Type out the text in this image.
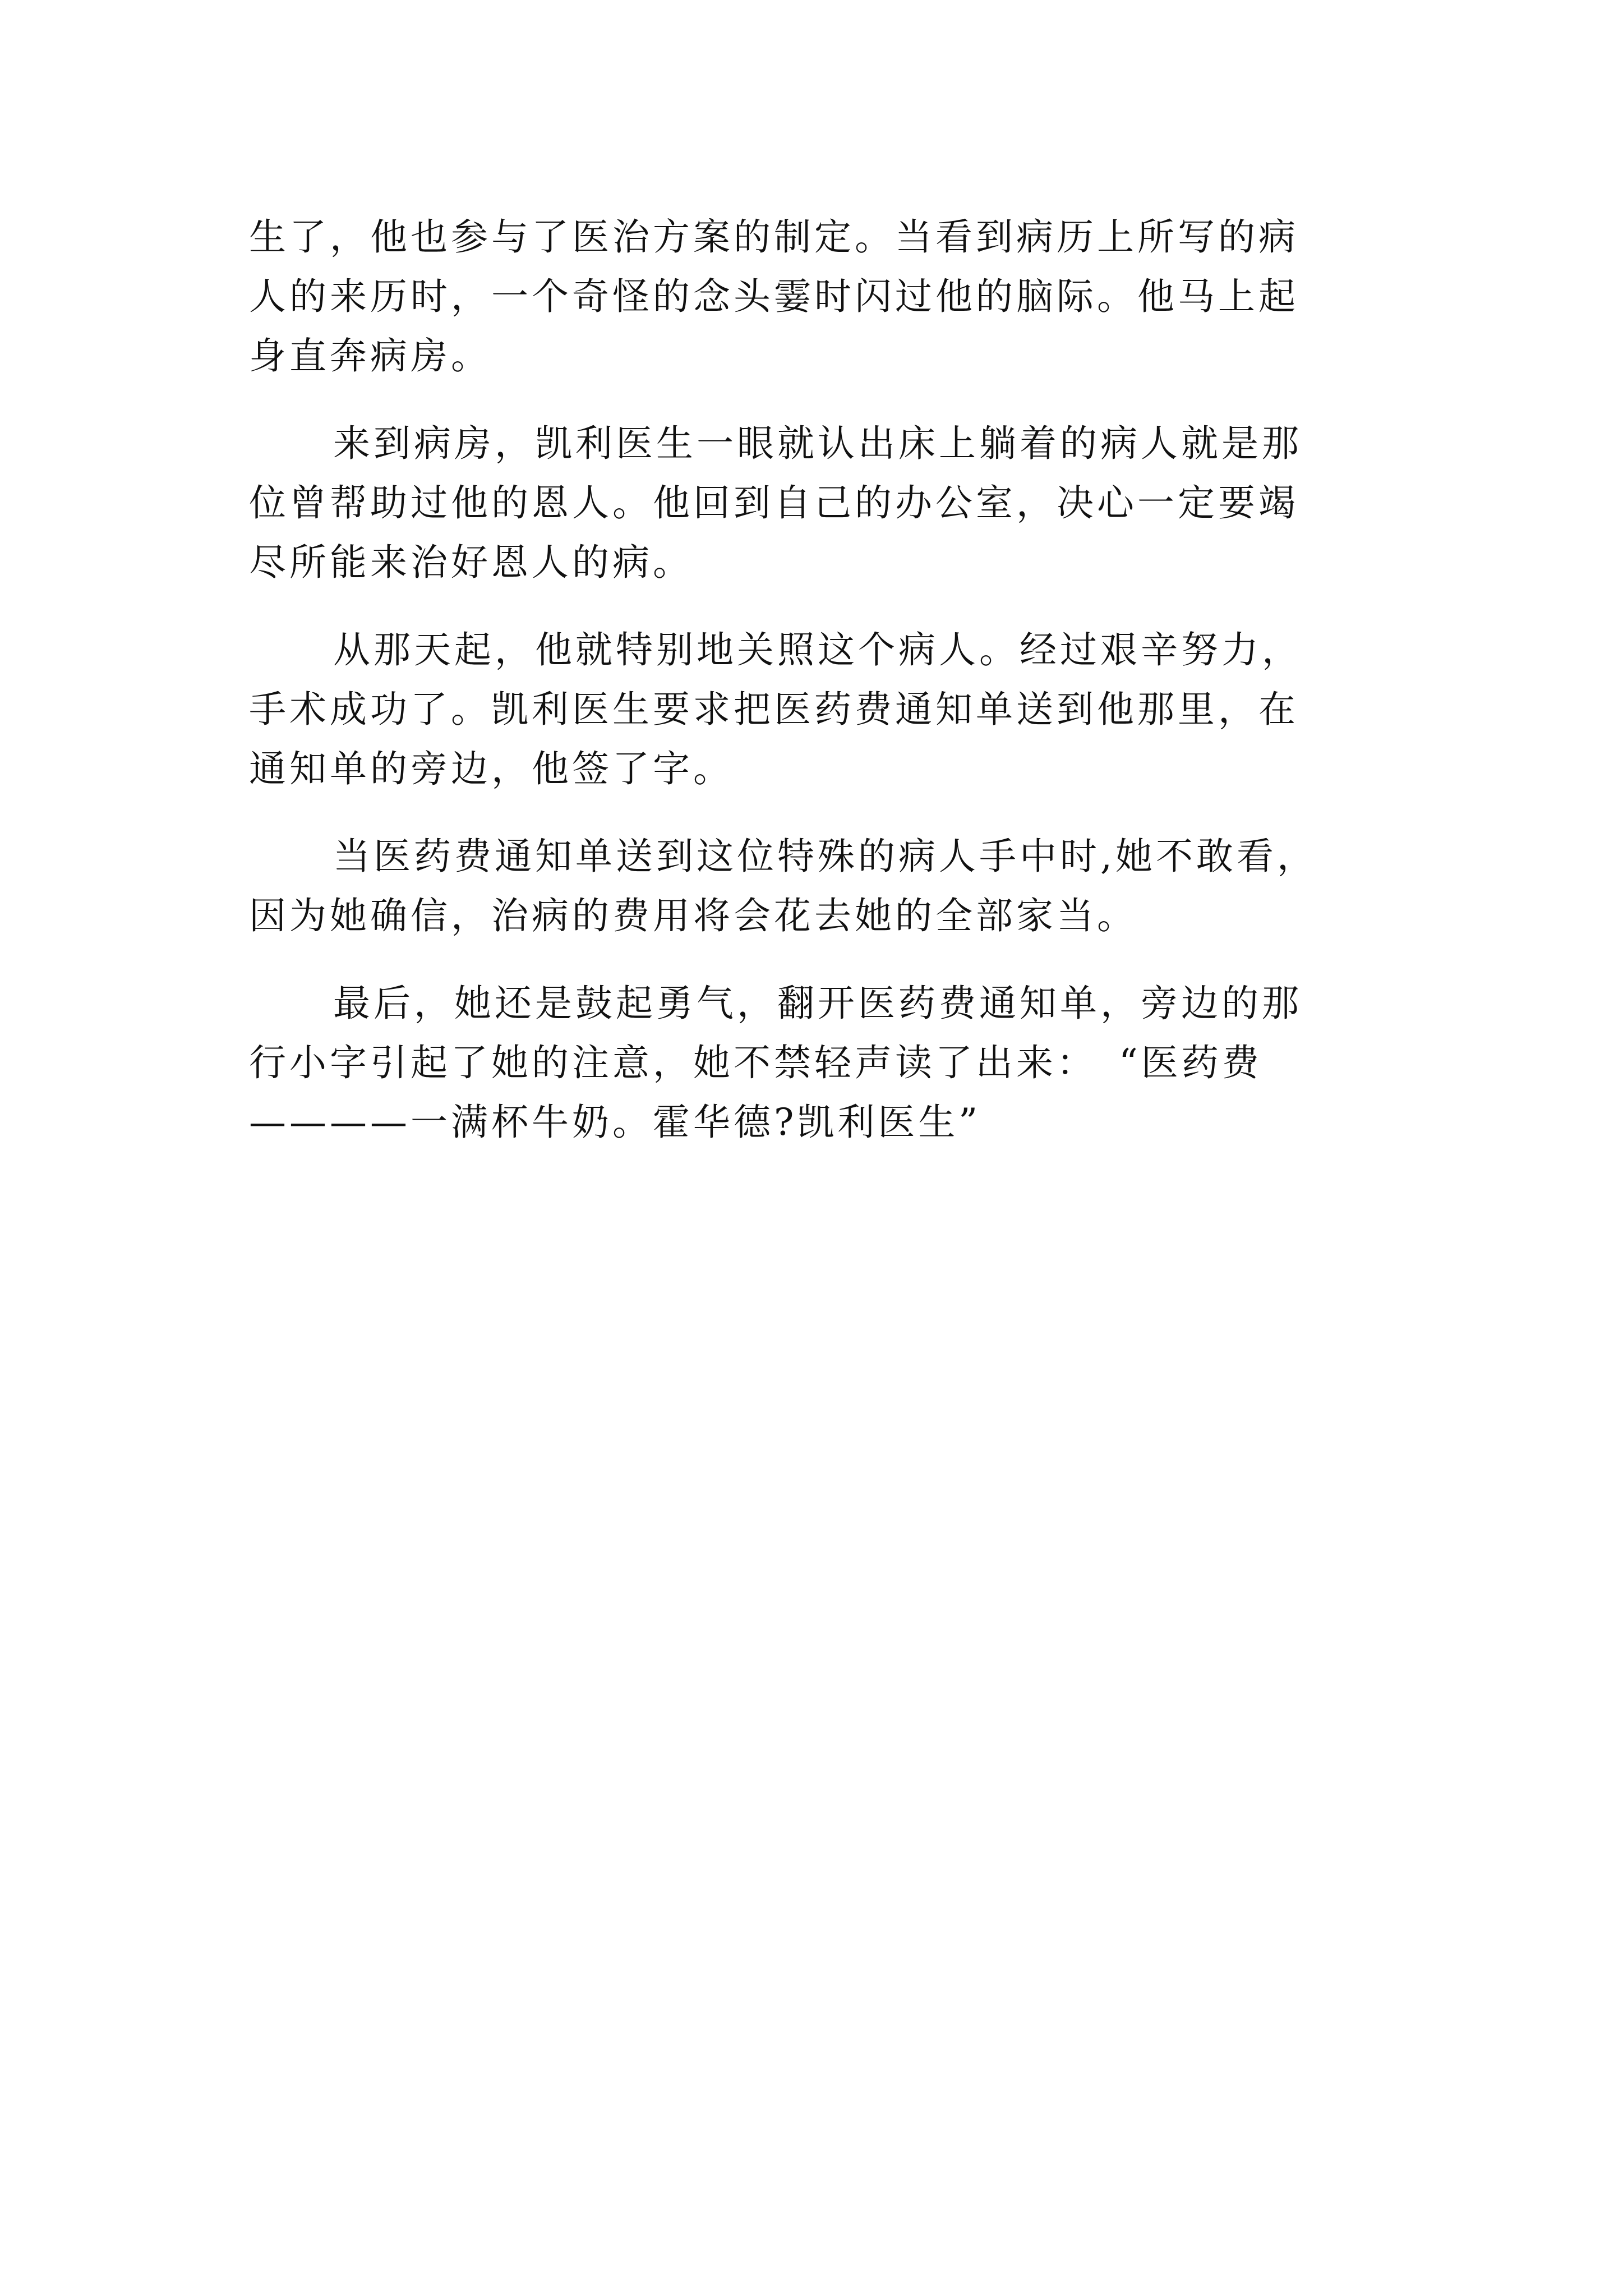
生了，他也参与了医治方案的制定。当看到病历上所写的病
人的来历时，一个奇怪的念头霎时闪过他的脑际。他马上起
身直奔病房。
来到病房，凯利医生一眼就认出床上躺着的病人就是那
位曾帮助过他的恩人。他回到自己的办公室，决心一定要竭
尽所能来治好恩人的病。
从那天起，他就特别地关照这个病人。经过艰辛努力，
手术成功了。凯利医生要求把医药费通知单送到他那里，在
通知单的旁边，他签了字。
当医药费通知单送到这位特殊的病人手中时,她不敢看，
因为她确信，治病的费用将会花去她的全部家当。
最后，她还是鼓起勇气，翻开医药费通知单，旁边的那
行小字引起了她的注意，她不禁轻声读了出来：　“医药费
————一满杯牛奶。霍华德?凯利医生”
